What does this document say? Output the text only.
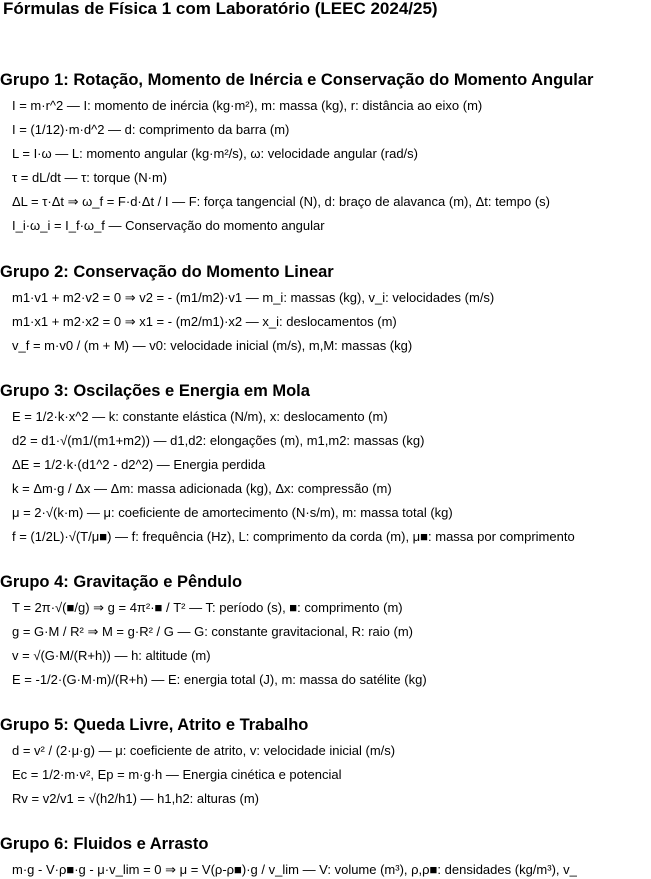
Fórmulas de Física 1 com Laboratório (LEEC 2024/25)
Grupo 1: Rotação, Momento de Inércia e Conservação do Momento Angular
I = m·r^2 — I: momento de inércia (kg·m²), m: massa (kg), r: distância ao eixo (m)
I = (1/12)·m·d^2 — d: comprimento da barra (m)
L = I·ω — L: momento angular (kg·m²/s), ω: velocidade angular (rad/s)
τ = dL/dt — τ: torque (N·m)
ΔL = τ·Δt ⇒ ω_f = F·d·Δt / I — F: força tangencial (N), d: braço de alavanca (m), Δt: tempo (s)
I_i·ω_i = I_f·ω_f — Conservação do momento angular
Grupo 2: Conservação do Momento Linear
m1·v1 + m2·v2 = 0 ⇒ v2 = - (m1/m2)·v1 — m_i: massas (kg), v_i: velocidades (m/s)
m1·x1 + m2·x2 = 0 ⇒ x1 = - (m2/m1)·x2 — x_i: deslocamentos (m)
v_f = m·v0 / (m + M) — v0: velocidade inicial (m/s), m,M: massas (kg)
Grupo 3: Oscilações e Energia em Mola
E = 1/2·k·x^2 — k: constante elástica (N/m), x: deslocamento (m)
d2 = d1·√(m1/(m1+m2)) — d1,d2: elongações (m), m1,m2: massas (kg)
ΔE = 1/2·k·(d1^2 - d2^2) — Energia perdida
k = Δm·g / Δx — Δm: massa adicionada (kg), Δx: compressão (m)
μ = 2·√(k·m) — μ: coeficiente de amortecimento (N·s/m), m: massa total (kg)
f = (1/2L)·√(T/μ■) — f: frequência (Hz), L: comprimento da corda (m), μ■: massa por comprimento
Grupo 4: Gravitação e Pêndulo
T = 2π·√(■/g) ⇒ g = 4π²·■ / T² — T: período (s), ■: comprimento (m)
g = G·M / R² ⇒ M = g·R² / G — G: constante gravitacional, R: raio (m)
v = √(G·M/(R+h)) — h: altitude (m)
E = -1/2·(G·M·m)/(R+h) — E: energia total (J), m: massa do satélite (kg)
Grupo 5: Queda Livre, Atrito e Trabalho
d = v² / (2·μ·g) — μ: coeficiente de atrito, v: velocidade inicial (m/s)
Ec = 1/2·m·v², Ep = m·g·h — Energia cinética e potencial
Rv = v2/v1 = √(h2/h1) — h1,h2: alturas (m)
Grupo 6: Fluidos e Arrasto
m·g - V·ρ■·g - μ·v_lim = 0 ⇒ μ = V(ρ-ρ■)·g / v_lim — V: volume (m³), ρ,ρ■: densidades (kg/m³), v_
